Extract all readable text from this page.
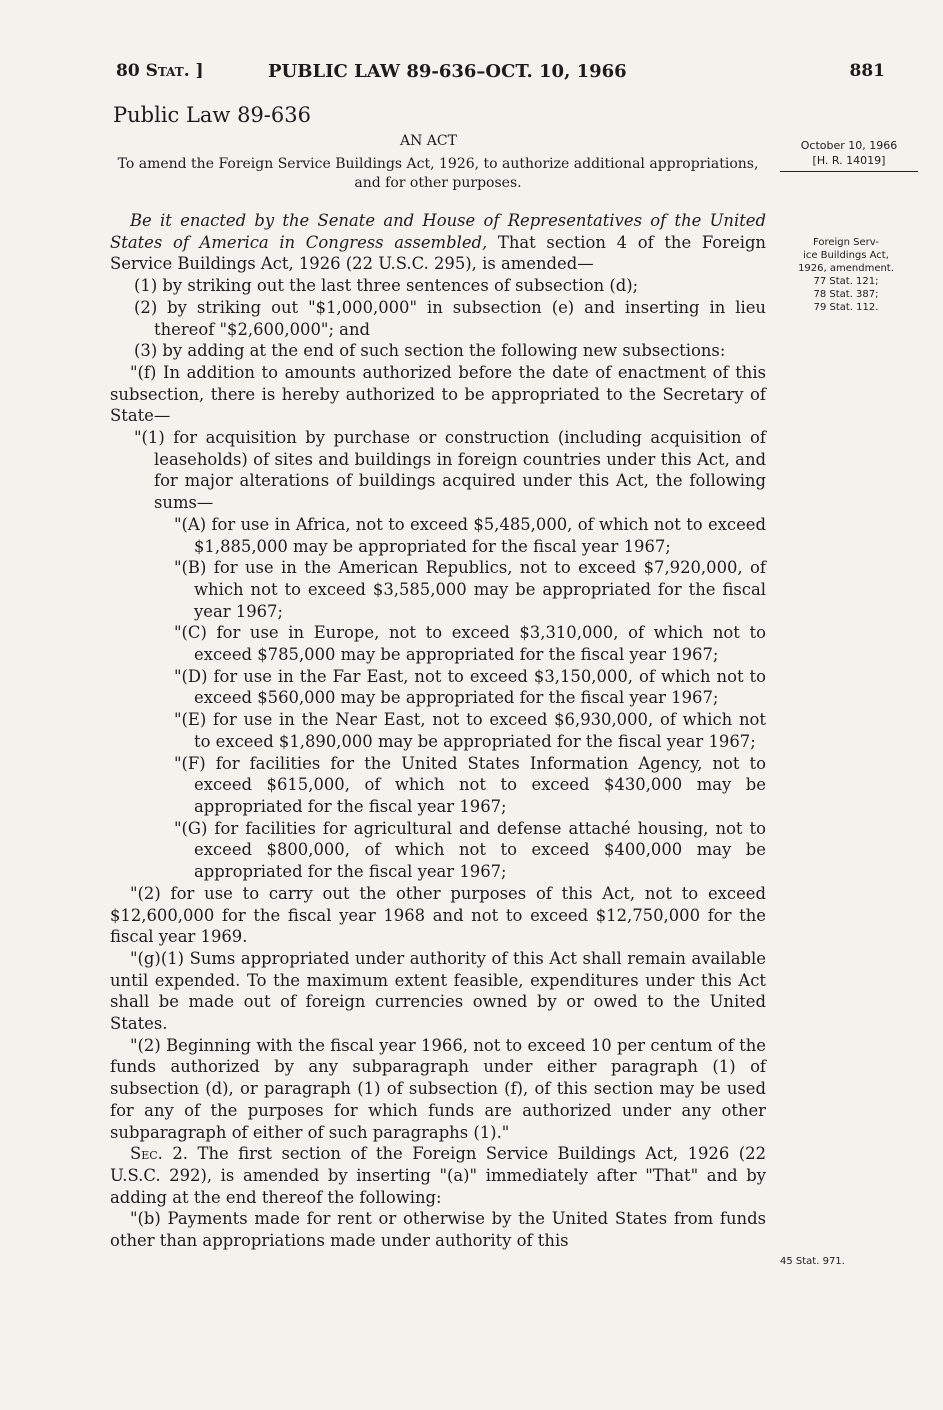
80 Stat. ]	PUBLIC LAW 89-636–OCT. 10, 1966	881
Public Law 89-636
AN ACT
To amend the Foreign Service Buildings Act, 1926, to authorize additional appropriations, and for other purposes.
October 10, 1966
[H. R. 14019]
Foreign Serv-
ice Buildings Act,
1926, amendment.
77 Stat. 121;
78 Stat. 387;
79 Stat. 112.
45 Stat. 971.

Be it enacted by the Senate and House of Representatives of the United States of America in Congress assembled, That section 4 of the Foreign Service Buildings Act, 1926 (22 U.S.C. 295), is amended—

(1) by striking out the last three sentences of subsection (d);

(2) by striking out "$1,000,000" in subsection (e) and inserting in lieu thereof "$2,600,000"; and

(3) by adding at the end of such section the following new subsections:

"(f) In addition to amounts authorized before the date of enactment of this subsection, there is hereby authorized to be appropriated to the Secretary of State—

"(1) for acquisition by purchase or construction (including acquisition of leaseholds) of sites and buildings in foreign countries under this Act, and for major alterations of buildings acquired under this Act, the following sums—

"(A) for use in Africa, not to exceed $5,485,000, of which not to exceed $1,885,000 may be appropriated for the fiscal year 1967;

"(B) for use in the American Republics, not to exceed $7,920,000, of which not to exceed $3,585,000 may be appropriated for the fiscal year 1967;

"(C) for use in Europe, not to exceed $3,310,000, of which not to exceed $785,000 may be appropriated for the fiscal year 1967;

"(D) for use in the Far East, not to exceed $3,150,000, of which not to exceed $560,000 may be appropriated for the fiscal year 1967;

"(E) for use in the Near East, not to exceed $6,930,000, of which not to exceed $1,890,000 may be appropriated for the fiscal year 1967;

"(F) for facilities for the United States Information Agency, not to exceed $615,000, of which not to exceed $430,000 may be appropriated for the fiscal year 1967;

"(G) for facilities for agricultural and defense attaché housing, not to exceed $800,000, of which not to exceed $400,000 may be appropriated for the fiscal year 1967;

"(2) for use to carry out the other purposes of this Act, not to exceed $12,600,000 for the fiscal year 1968 and not to exceed $12,750,000 for the fiscal year 1969.

"(g)(1) Sums appropriated under authority of this Act shall remain available until expended. To the maximum extent feasible, expenditures under this Act shall be made out of foreign currencies owned by or owed to the United States.

"(2) Beginning with the fiscal year 1966, not to exceed 10 per centum of the funds authorized by any subparagraph under either paragraph (1) of subsection (d), or paragraph (1) of subsection (f), of this section may be used for any of the purposes for which funds are authorized under any other subparagraph of either of such paragraphs (1)."

Sec. 2. The first section of the Foreign Service Buildings Act, 1926 (22 U.S.C. 292), is amended by inserting "(a)" immediately after "That" and by adding at the end thereof the following:

"(b) Payments made for rent or otherwise by the United States from funds other than appropriations made under authority of this
